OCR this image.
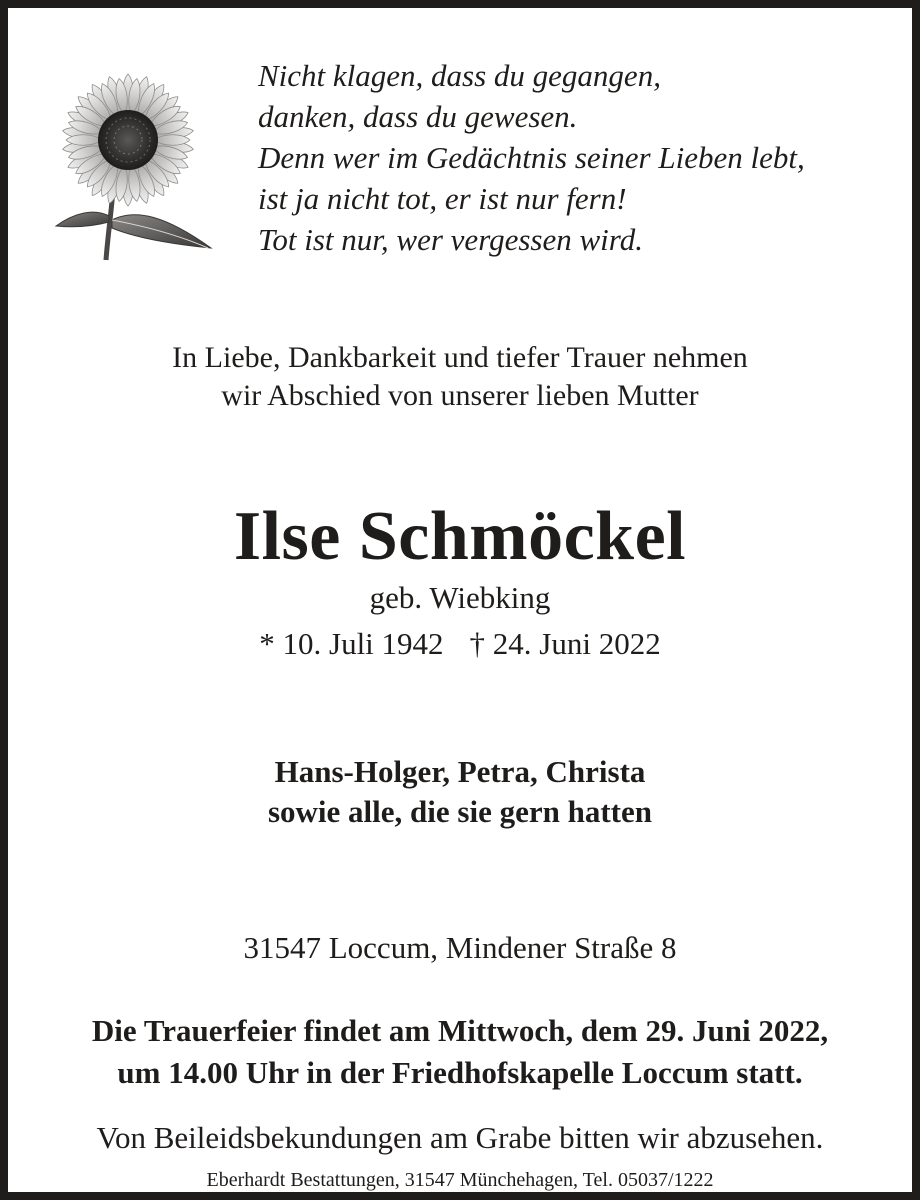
Nicht klagen, dass du gegangen,
danken, dass du gewesen.
Denn wer im Gedächtnis seiner Lieben lebt,
ist ja nicht tot, er ist nur fern!
Tot ist nur, wer vergessen wird.
In Liebe, Dankbarkeit und tiefer Trauer nehmen
wir Abschied von unserer lieben Mutter
Ilse Schmöckel
geb. Wiebking
* 10. Juli 1942 † 24. Juni 2022
Hans-Holger, Petra, Christa
sowie alle, die sie gern hatten
31547 Loccum, Mindener Straße 8
Die Trauerfeier findet am Mittwoch, dem 29. Juni 2022,
um 14.00 Uhr in der Friedhofskapelle Loccum statt.
Von Beileidsbekundungen am Grabe bitten wir abzusehen.
Eberhardt Bestattungen, 31547 Münchehagen, Tel. 05037/1222
